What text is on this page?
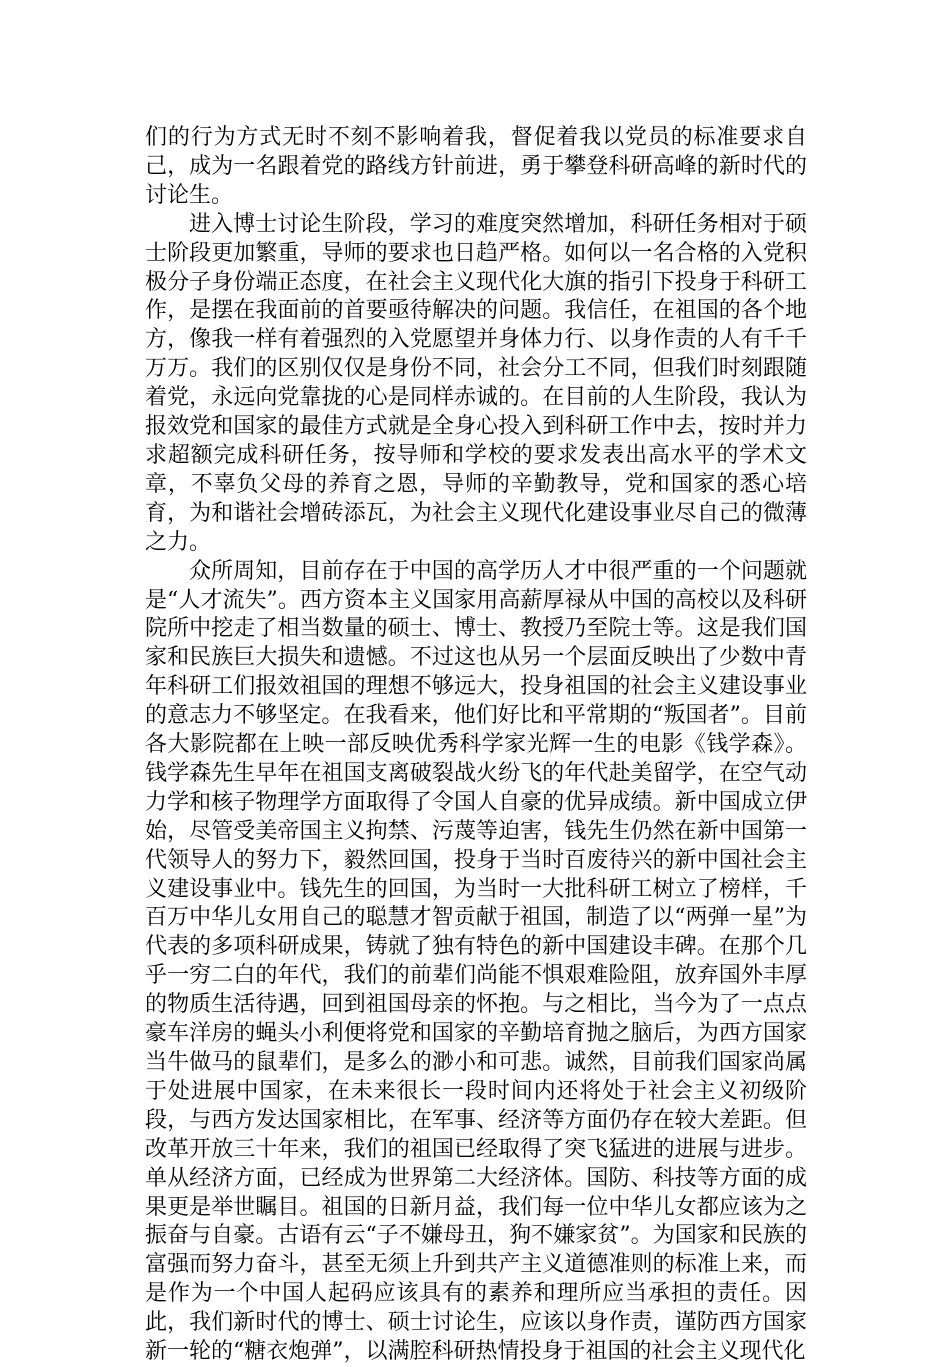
们的行为方式无时不刻不影响着我，督促着我以党员的标准要求自己，成为一名跟着党的路线方针前进，勇于攀登科研高峰的新时代的讨论生。

进入博士讨论生阶段，学习的难度突然增加，科研任务相对于硕士阶段更加繁重，导师的要求也日趋严格。如何以一名合格的入党积极分子身份端正态度，在社会主义现代化大旗的指引下投身于科研工作，是摆在我面前的首要亟待解决的问题。我信任，在祖国的各个地方，像我一样有着强烈的入党愿望并身体力行、以身作责的人有千千万万。我们的区别仅仅是身份不同，社会分工不同，但我们时刻跟随着党，永远向党靠拢的心是同样赤诚的。在目前的人生阶段，我认为报效党和国家的最佳方式就是全身心投入到科研工作中去，按时并力求超额完成科研任务，按导师和学校的要求发表出高水平的学术文章，不辜负父母的养育之恩，导师的辛勤教导，党和国家的悉心培育，为和谐社会增砖添瓦，为社会主义现代化建设事业尽自己的微薄之力。

众所周知，目前存在于中国的高学历人才中很严重的一个问题就是“人才流失”。西方资本主义国家用高薪厚禄从中国的高校以及科研院所中挖走了相当数量的硕士、博士、教授乃至院士等。这是我们国家和民族巨大损失和遗憾。不过这也从另一个层面反映出了少数中青年科研工们报效祖国的理想不够远大，投身祖国的社会主义建设事业的意志力不够坚定。在我看来，他们好比和平常期的“叛国者”。目前各大影院都在上映一部反映优秀科学家光辉一生的电影《钱学森》。钱学森先生早年在祖国支离破裂战火纷飞的年代赴美留学，在空气动力学和核子物理学方面取得了令国人自豪的优异成绩。新中国成立伊始，尽管受美帝国主义拘禁、污蔑等迫害，钱先生仍然在新中国第一代领导人的努力下，毅然回国，投身于当时百废待兴的新中国社会主义建设事业中。钱先生的回国，为当时一大批科研工树立了榜样，千百万中华儿女用自己的聪慧才智贡献于祖国，制造了以“两弹一星”为代表的多项科研成果，铸就了独有特色的新中国建设丰碑。在那个几乎一穷二白的年代，我们的前辈们尚能不惧艰难险阻，放弃国外丰厚的物质生活待遇，回到祖国母亲的怀抱。与之相比，当今为了一点点豪车洋房的蝇头小利便将党和国家的辛勤培育抛之脑后，为西方国家当牛做马的鼠辈们，是多么的渺小和可悲。诚然，目前我们国家尚属于处进展中国家，在未来很长一段时间内还将处于社会主义初级阶段，与西方发达国家相比，在军事、经济等方面仍存在较大差距。但改革开放三十年来，我们的祖国已经取得了突飞猛进的进展与进步。单从经济方面，已经成为世界第二大经济体。国防、科技等方面的成果更是举世瞩目。祖国的日新月益，我们每一位中华儿女都应该为之振奋与自豪。古语有云“子不嫌母丑，狗不嫌家贫”。为国家和民族的富强而努力奋斗，甚至无须上升到共产主义道德准则的标准上来，而是作为一个中国人起码应该具有的素养和理所应当承担的责任。因此，我们新时代的博士、硕士讨论生，应该以身作责，谨防西方国家新一轮的“糖衣炮弹”，以满腔科研热情投身于祖国的社会主义现代化
